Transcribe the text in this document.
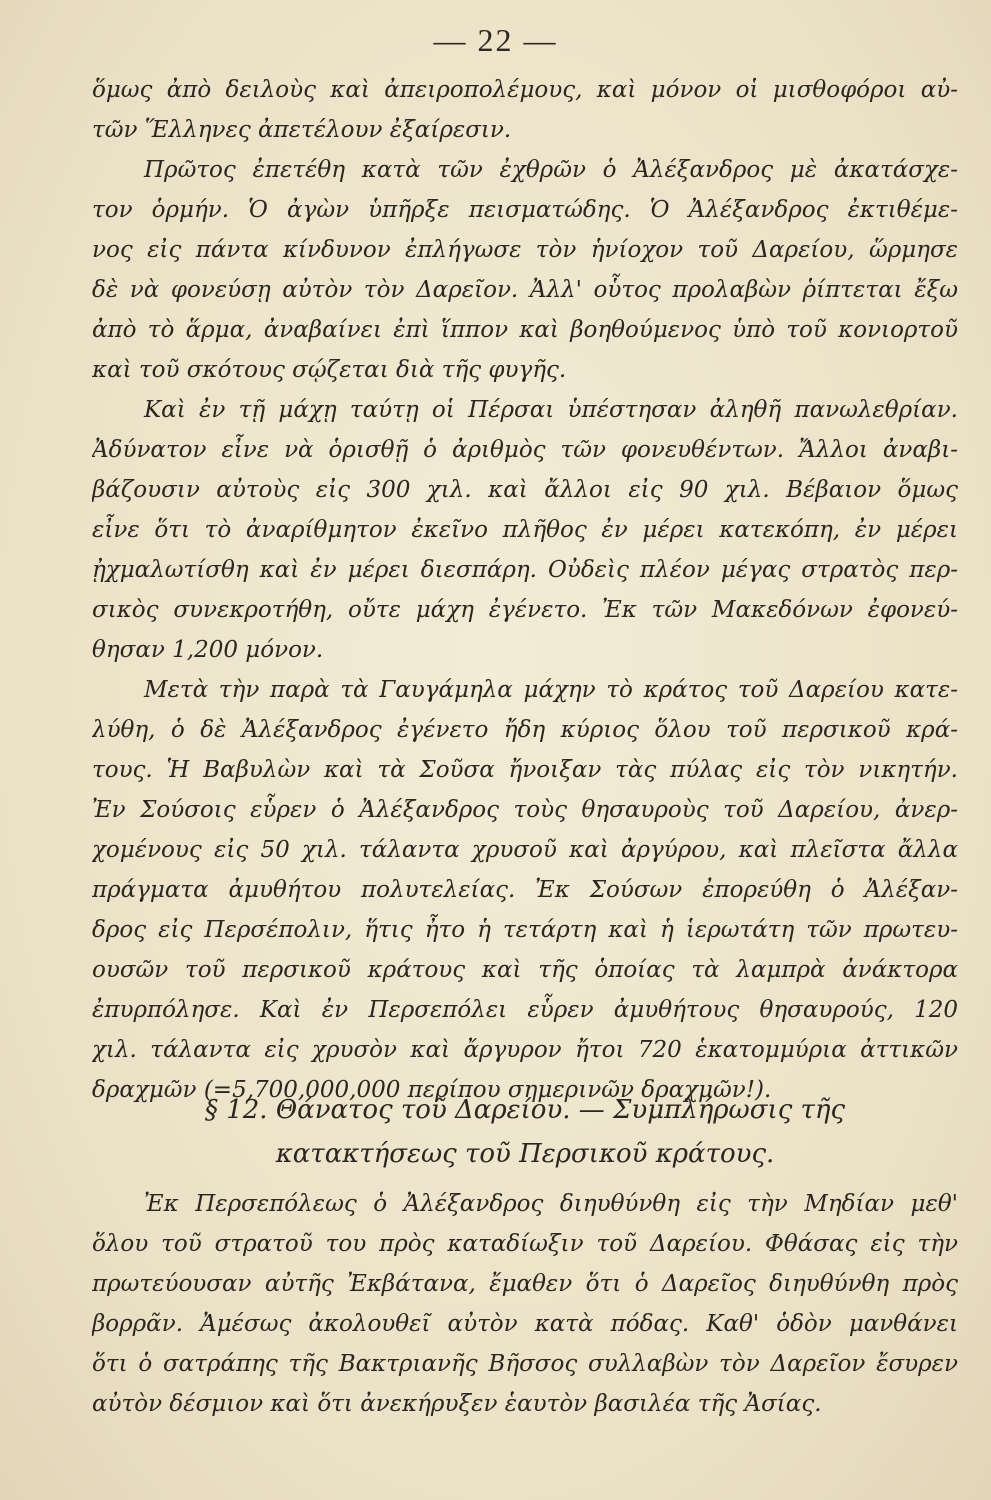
— 22 —
ὅμως ἀπὸ δειλοὺς καὶ ἀπειροπολέμους, καὶ μόνον οἱ μισθοφόροι αὐ-
τῶν Ἕλληνες ἀπετέλουν ἐξαίρεσιν.
Πρῶτος ἐπετέθη κατὰ τῶν ἐχθρῶν ὁ Ἀλέξανδρος μὲ ἀκατάσχε-
τον ὁρμήν. Ὁ ἀγὼν ὑπῆρξε πεισματώδης. Ὁ Ἀλέξανδρος ἐκτιθέμε-
νος εἰς πάντα κίνδυνον ἐπλήγωσε τὸν ἡνίοχον τοῦ Δαρείου, ὥρμησε
δὲ νὰ φονεύσῃ αὐτὸν τὸν Δαρεῖον. Ἀλλ' οὗτος προλαβὼν ῥίπτεται ἔξω
ἀπὸ τὸ ἅρμα, ἀναβαίνει ἐπὶ ἵππον καὶ βοηθούμενος ὑπὸ τοῦ κονιορτοῦ
καὶ τοῦ σκότους σῴζεται διὰ τῆς φυγῆς.
Καὶ ἐν τῇ μάχῃ ταύτῃ οἱ Πέρσαι ὑπέστησαν ἀληθῆ πανωλεθρίαν.
Ἀδύνατον εἶνε νὰ ὁρισθῇ ὁ ἀριθμὸς τῶν φονευθέντων. Ἄλλοι ἀναβι-
βάζουσιν αὐτοὺς εἰς 300 χιλ. καὶ ἄλλοι εἰς 90 χιλ. Βέβαιον ὅμως
εἶνε ὅτι τὸ ἀναρίθμητον ἐκεῖνο πλῆθος ἐν μέρει κατεκόπη, ἐν μέρει
ᾐχμαλωτίσθη καὶ ἐν μέρει διεσπάρη. Οὐδεὶς πλέον μέγας στρατὸς περ-
σικὸς συνεκροτήθη, οὔτε μάχη ἐγένετο. Ἐκ τῶν Μακεδόνων ἐφονεύ-
θησαν 1,200 μόνον.
Μετὰ τὴν παρὰ τὰ Γαυγάμηλα μάχην τὸ κράτος τοῦ Δαρείου κατε-
λύθη, ὁ δὲ Ἀλέξανδρος ἐγένετο ἤδη κύριος ὅλου τοῦ περσικοῦ κρά-
τους. Ἡ Βαβυλὼν καὶ τὰ Σοῦσα ἤνοιξαν τὰς πύλας εἰς τὸν νικητήν.
Ἐν Σούσοις εὗρεν ὁ Ἀλέξανδρος τοὺς θησαυροὺς τοῦ Δαρείου, ἀνερ-
χομένους εἰς 50 χιλ. τάλαντα χρυσοῦ καὶ ἀργύρου, καὶ πλεῖστα ἄλλα
πράγματα ἀμυθήτου πολυτελείας. Ἐκ Σούσων ἐπορεύθη ὁ Ἀλέξαν-
δρος εἰς Περσέπολιν, ἥτις ἦτο ἡ τετάρτη καὶ ἡ ἱερωτάτη τῶν πρωτευ-
ουσῶν τοῦ περσικοῦ κράτους καὶ τῆς ὁποίας τὰ λαμπρὰ ἀνάκτορα
ἐπυρπόλησε. Καὶ ἐν Περσεπόλει εὗρεν ἀμυθήτους θησαυρούς, 120
χιλ. τάλαντα εἰς χρυσὸν καὶ ἄργυρον ἤτοι 720 ἑκατομμύρια ἀττικῶν
δραχμῶν (=5,700,000,000 περίπου σημερινῶν δραχμῶν!).
§ 12. Θάνατος τοῦ Δαρείου. — Συμπλήρωσις τῆς
κατακτήσεως τοῦ Περσικοῦ κράτους.
Ἐκ Περσεπόλεως ὁ Ἀλέξανδρος διηυθύνθη εἰς τὴν Μηδίαν μεθ'
ὅλου τοῦ στρατοῦ του πρὸς καταδίωξιν τοῦ Δαρείου. Φθάσας εἰς τὴν
πρωτεύουσαν αὐτῆς Ἐκβάτανα, ἔμαθεν ὅτι ὁ Δαρεῖος διηυθύνθη πρὸς
βορρᾶν. Ἀμέσως ἀκολουθεῖ αὐτὸν κατὰ πόδας. Καθ' ὁδὸν μανθάνει
ὅτι ὁ σατράπης τῆς Βακτριανῆς Βῆσσος συλλαβὼν τὸν Δαρεῖον ἔσυρεν
αὐτὸν δέσμιον καὶ ὅτι ἀνεκήρυξεν ἑαυτὸν βασιλέα τῆς Ἀσίας.
